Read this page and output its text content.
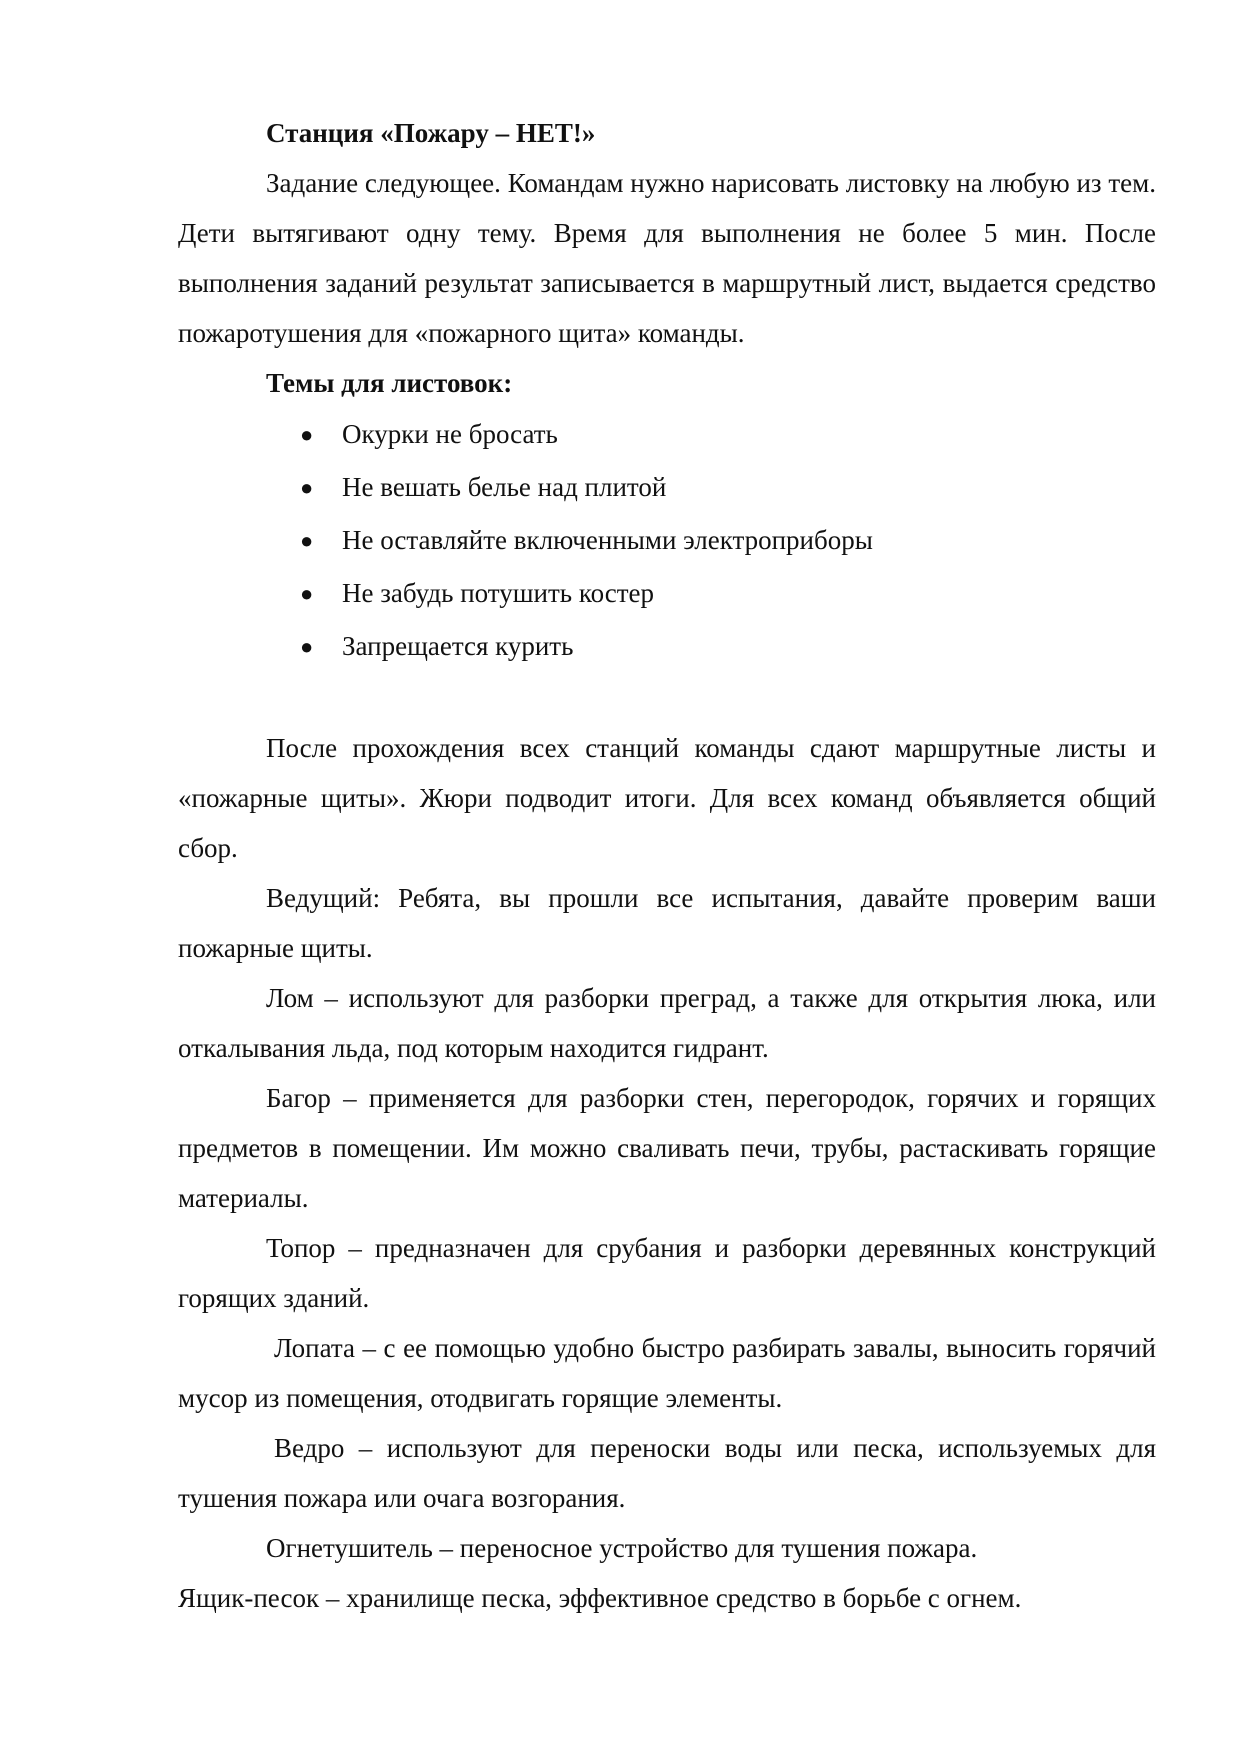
Станция «Пожару – НЕТ!»

Задание следующее. Командам нужно нарисовать листовку на любую из тем. Дети вытягивают одну тему. Время для выполнения не более 5 мин. После выполнения заданий результат записывается в маршрутный лист, выдается средство пожаротушения для «пожарного щита» команды.

Темы для листовок:

● Окурки не бросать
● Не вешать белье над плитой
● Не оставляйте включенными электроприборы
● Не забудь потушить костер
● Запрещается курить

После прохождения всех станций команды сдают маршрутные листы и «пожарные щиты». Жюри подводит итоги. Для всех команд объявляется общий сбор.

Ведущий: Ребята, вы прошли все испытания, давайте проверим ваши пожарные щиты.

Лом – используют для разборки преград, а также для открытия люка, или откалывания льда, под которым находится гидрант.

Багор – применяется для разборки стен, перегородок, горячих и горящих предметов в помещении. Им можно сваливать печи, трубы, растаскивать горящие материалы.

Топор – предназначен для срубания и разборки деревянных конструкций горящих зданий.

Лопата – с ее помощью удобно быстро разбирать завалы, выносить горячий мусор из помещения, отодвигать горящие элементы.

Ведро – используют для переноски воды или песка, используемых для тушения пожара или очага возгорания.

Огнетушитель – переносное устройство для тушения пожара.

Ящик-песок – хранилище песка, эффективное средство в борьбе с огнем.
